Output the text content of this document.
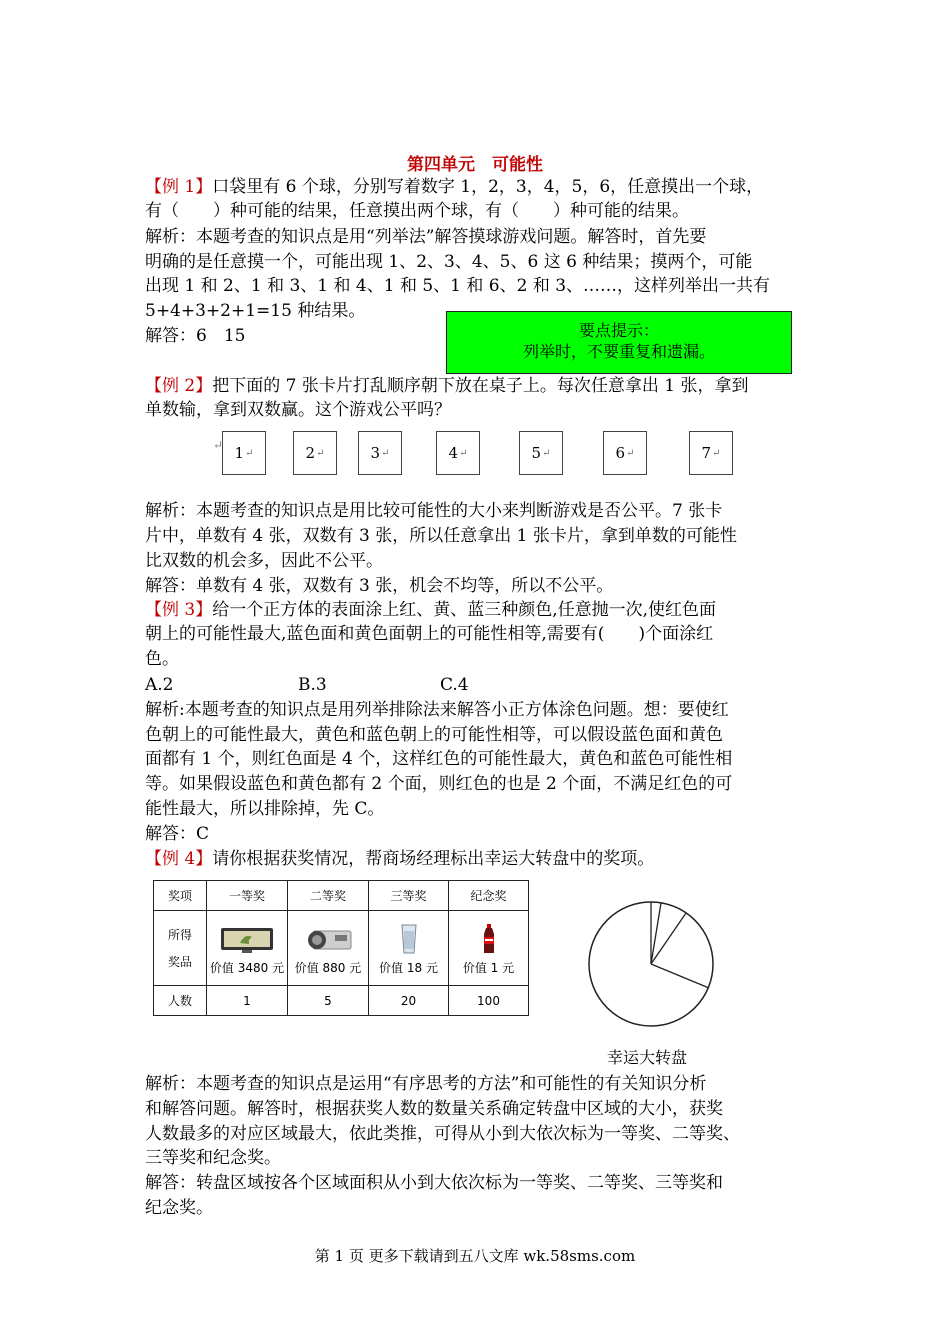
第四单元　可能性
【例 1】口袋里有 6 个球，分别写着数字 1，2，3，4，5，6，任意摸出一个球，
有（　　）种可能的结果，任意摸出两个球，有（　　）种可能的结果。
解析：本题考查的知识点是用“列举法”解答摸球游戏问题。解答时，首先要
明确的是任意摸一个，可能出现 1、2、3、4、5、6 这 6 种结果；摸两个，可能
出现 1 和 2、1 和 3、1 和 4、1 和 5、1 和 6、2 和 3、……，这样列举出一共有
5+4+3+2+1=15 种结果。
解答：6　15	要点提示：
列举时，不要重复和遗漏。
【例 2】把下面的 7 张卡片打乱顺序朝下放在桌子上。每次任意拿出 1 张，拿到
单数输，拿到双数赢。这个游戏公平吗？
↵ 1 ↵	2 ↵	3 ↵	4 ↵	5 ↵	6 ↵	7 ↵
解析：本题考查的知识点是用比较可能性的大小来判断游戏是否公平。7 张卡
片中，单数有 4 张，双数有 3 张，所以任意拿出 1 张卡片，拿到单数的可能性
比双数的机会多，因此不公平。
解答：单数有 4 张，双数有 3 张，机会不均等，所以不公平。
【例 3】给一个正方体的表面涂上红、黄、蓝三种颜色,任意抛一次,使红色面
朝上的可能性最大,蓝色面和黄色面朝上的可能性相等,需要有(　　)个面涂红
色。
A.2	B.3	C.4
解析:本题考查的知识点是用列举排除法来解答小正方体涂色问题。想：要使红
色朝上的可能性最大，黄色和蓝色朝上的可能性相等，可以假设蓝色面和黄色
面都有 1 个，则红色面是 4 个，这样红色的可能性最大，黄色和蓝色可能性相
等。如果假设蓝色和黄色都有 2 个面，则红色的也是 2 个面，不满足红色的可
能性最大，所以排除掉，先 C。
解答：C
【例 4】请你根据获奖情况，帮商场经理标出幸运大转盘中的奖项。
奖项	一等奖	二等奖	三等奖	纪念奖

所得
奖品	价值 3480 元	价值 880 元	价值 18 元	价值 1 元

人数	1	5	20	100
幸运大转盘
解析：本题考查的知识点是运用“有序思考的方法”和可能性的有关知识分析
和解答问题。解答时，根据获奖人数的数量关系确定转盘中区域的大小，获奖
人数最多的对应区域最大，依此类推，可得从小到大依次标为一等奖、二等奖、
三等奖和纪念奖。
解答：转盘区域按各个区域面积从小到大依次标为一等奖、二等奖、三等奖和
纪念奖。
第 1 页 更多下载请到五八文库 wk.58sms.com
